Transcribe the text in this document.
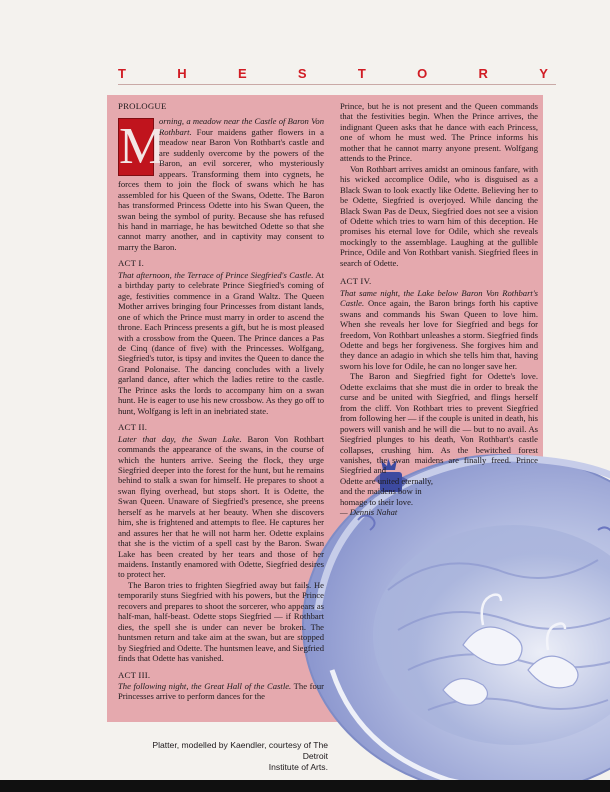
T	H	E	S	T	O	R	Y
PROLOGUE

M
orning, a meadow near the Castle of Baron Von Rothbart. Four maidens gather flowers in a meadow near Baron Von Rothbart's castle and are suddenly overcome by the powers of the Baron, an evil sorcerer, who mysteriously appears. Transforming them into cygnets, he forces them to join the flock of swans which he has assembled for his Queen of the Swans, Odette. The Baron has transformed Princess Odette into his Swan Queen, the swan being the symbol of purity. Because she has refused his hand in marriage, he has bewitched Odette so that she cannot marry another, and in captivity may consent to marry the Baron.

ACT I.

That afternoon, the Terrace of Prince Siegfried's Castle. At a birthday party to celebrate Prince Siegfried's coming of age, festivities commence in a Grand Waltz. The Queen Mother arrives bringing four Princesses from distant lands, one of which the Prince must marry in order to ascend the throne. Each Princess presents a gift, but he is most pleased with a crossbow from the Queen. The Prince dances a Pas de Cinq (dance of five) with the Princesses. Wolfgang, Siegfried's tutor, is tipsy and invites the Queen to dance the Grand Polonaise. The dancing concludes with a lively garland dance, after which the ladies retire to the castle. The Prince asks the lords to accompany him on a swan hunt. He is eager to use his new crossbow. As they go off to hunt, Wolfgang is left in an inebriated state.

ACT II.

Later that day, the Swan Lake. Baron Von Rothbart commands the appearance of the swans, in the course of which the hunters arrive. Seeing the flock, they urge Siegfried deeper into the forest for the hunt, but he remains behind to stalk a swan for himself. He prepares to shoot a swan flying overhead, but stops short. It is Odette, the Swan Queen. Unaware of Siegfried's presence, she preens herself as he marvels at her beauty. When she discovers him, she is frightened and attempts to flee. He captures her and assures her that he will not harm her. Odette explains that she is the victim of a spell cast by the Baron. Swan Lake has been created by her tears and those of her maidens. Instantly enamored with Odette, Siegfried desires to protect her.

The Baron tries to frighten Siegfried away but fails. He temporarily stuns Siegfried with his powers, but the Prince recovers and prepares to shoot the sorcerer, who appears as half-man, half-beast. Odette stops Siegfried — if Rothbart dies, the spell she is under can never be broken. The huntsmen return and take aim at the swan, but are stopped by Siegfried and Odette. The huntsmen leave, and Siegfried finds that Odette has vanished.

ACT III.

The following night, the Great Hall of the Castle. The four Princesses arrive to perform dances for the

Prince, but he is not present and the Queen commands that the festivities begin. When the Prince arrives, the indignant Queen asks that he dance with each Princess, one of whom he must wed. The Prince informs his mother that he cannot marry anyone present. Wolfgang attends to the Prince.

Von Rothbart arrives amidst an ominous fanfare, with his wicked accomplice Odile, who is disguised as a Black Swan to look exactly like Odette. Believing her to be Odette, Siegfried is overjoyed. While dancing the Black Swan Pas de Deux, Siegfried does not see a vision of Odette which tries to warn him of this deception. He promises his eternal love for Odile, which she reveals mockingly to the assemblage. Laughing at the gullible Prince, Odile and Von Rothbart vanish. Siegfried flees in search of Odette.

ACT IV.

That same night, the Lake below Baron Von Rothbart's Castle. Once again, the Baron brings forth his captive swans and commands his Swan Queen to love him. When she reveals her love for Siegfried and begs for freedom, Von Rothbart unleashes a storm. Siegfried finds Odette and begs her forgiveness. She forgives him and they dance an adagio in which she tells him that, having sworn his love for Odile, he can no longer save her.

The Baron and Siegfried fight for Odette's love. Odette exclaims that she must die in order to break the curse and be united with Siegfried, and flings herself from the cliff. Von Rothbart tries to prevent Siegfried from following her — if the couple is united in death, his powers will vanish and he will die — but to no avail. As Siegfried plunges to his death, Von Rothbart's castle collapses, crushing him. As the bewitched forest vanishes, the swan maidens are finally freed. Prince Siegfried and

Odette are united eternally,

and the maidens bow in

homage to their love.

— Dennis Nahat

Platter, modelled by Kaendler, courtesy of The Detroit
Institute of Arts.
